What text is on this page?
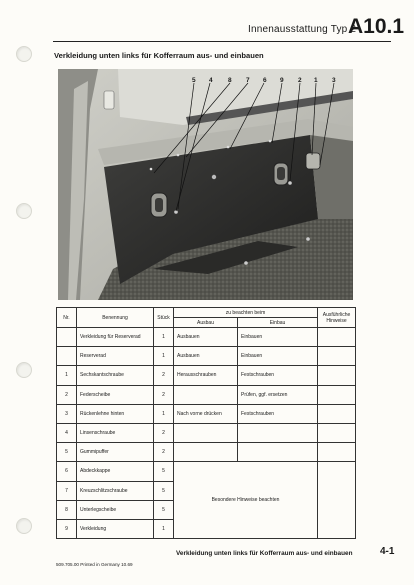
Innenausstattung Typ 2
A10.1
Verkleidung unten links für Kofferraum aus- und einbauen
5 4 8 7 6 9 2 1 3
Nr.	Benennung	Stück	zu beachten beim		Ausführliche Hinweise
			Ausbau	Einbau	
	Verkleidung für Reserverad	1	Ausbauen	Einbauen	
	Reserverad	1	Ausbauen	Einbauen	
1	Sechskantschraube	2	Herausschrauben	Festschrauben	
2	Federscheibe	2		Prüfen, ggf. ersetzen	
3	Rückenlehne hinten	1	Nach vorne drücken	Festschrauben	
4	Linsenschraube	2			
5	Gummipuffer	2			
6	Abdeckkappe	5	Besondere Hinweise beachten		
7	Kreuzschlitzschraube	5			
8	Unterlegscheibe	5			
9	Verkleidung	1			
509.705.00 Printed in Germany 10.69
Verkleidung unten links für Kofferraum aus- und einbauen	4-1
